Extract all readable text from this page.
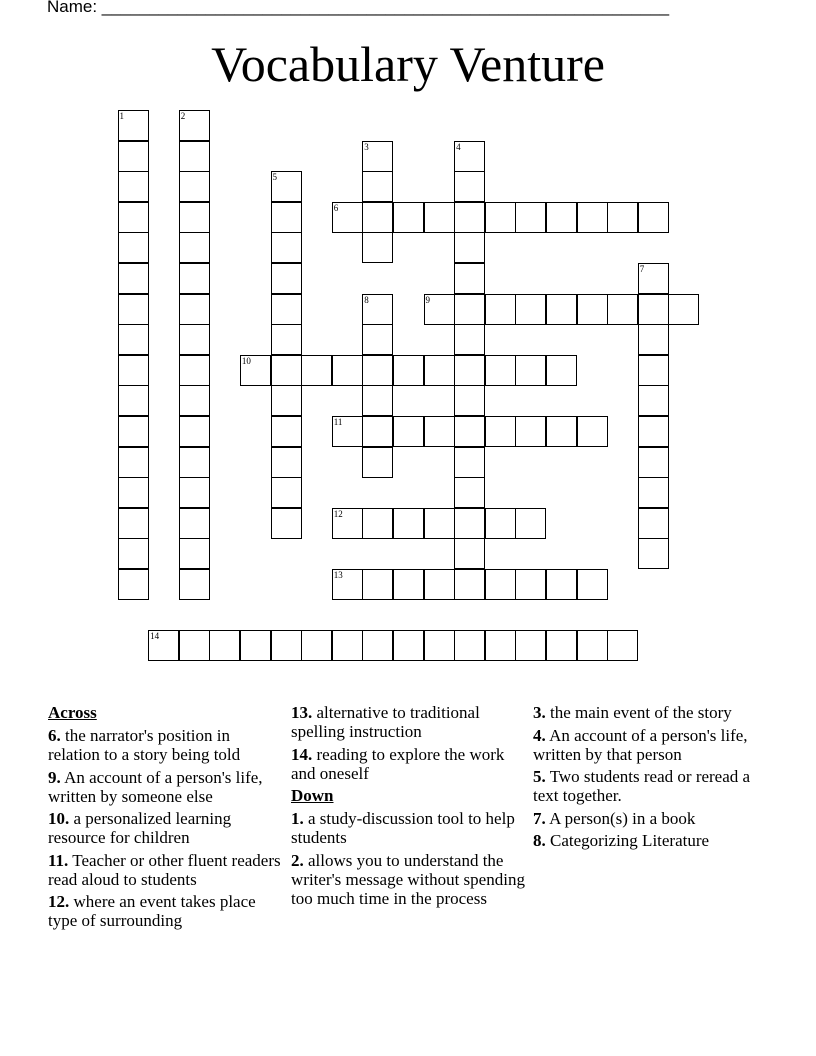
Name: ____________________________________________________________
Vocabulary Venture
1	2
3	4
5
6
7
8	9
10
11
12
13
14
Across
6. the narrator's position in relation to a story being told
9. An account of a person's life, written by someone else
10. a personalized learning resource for children
11. Teacher or other fluent readers read aloud to students
12. where an event takes place type of surrounding
13. alternative to traditional spelling instruction
14. reading to explore the work and oneself
Down
1. a study-discussion tool to help students
2. allows you to understand the writer's message without spending too much time in the process
3. the main event of the story
4. An account of a person's life, written by that person
5. Two students read or reread a text together.
7. A person(s) in a book
8. Categorizing Literature
